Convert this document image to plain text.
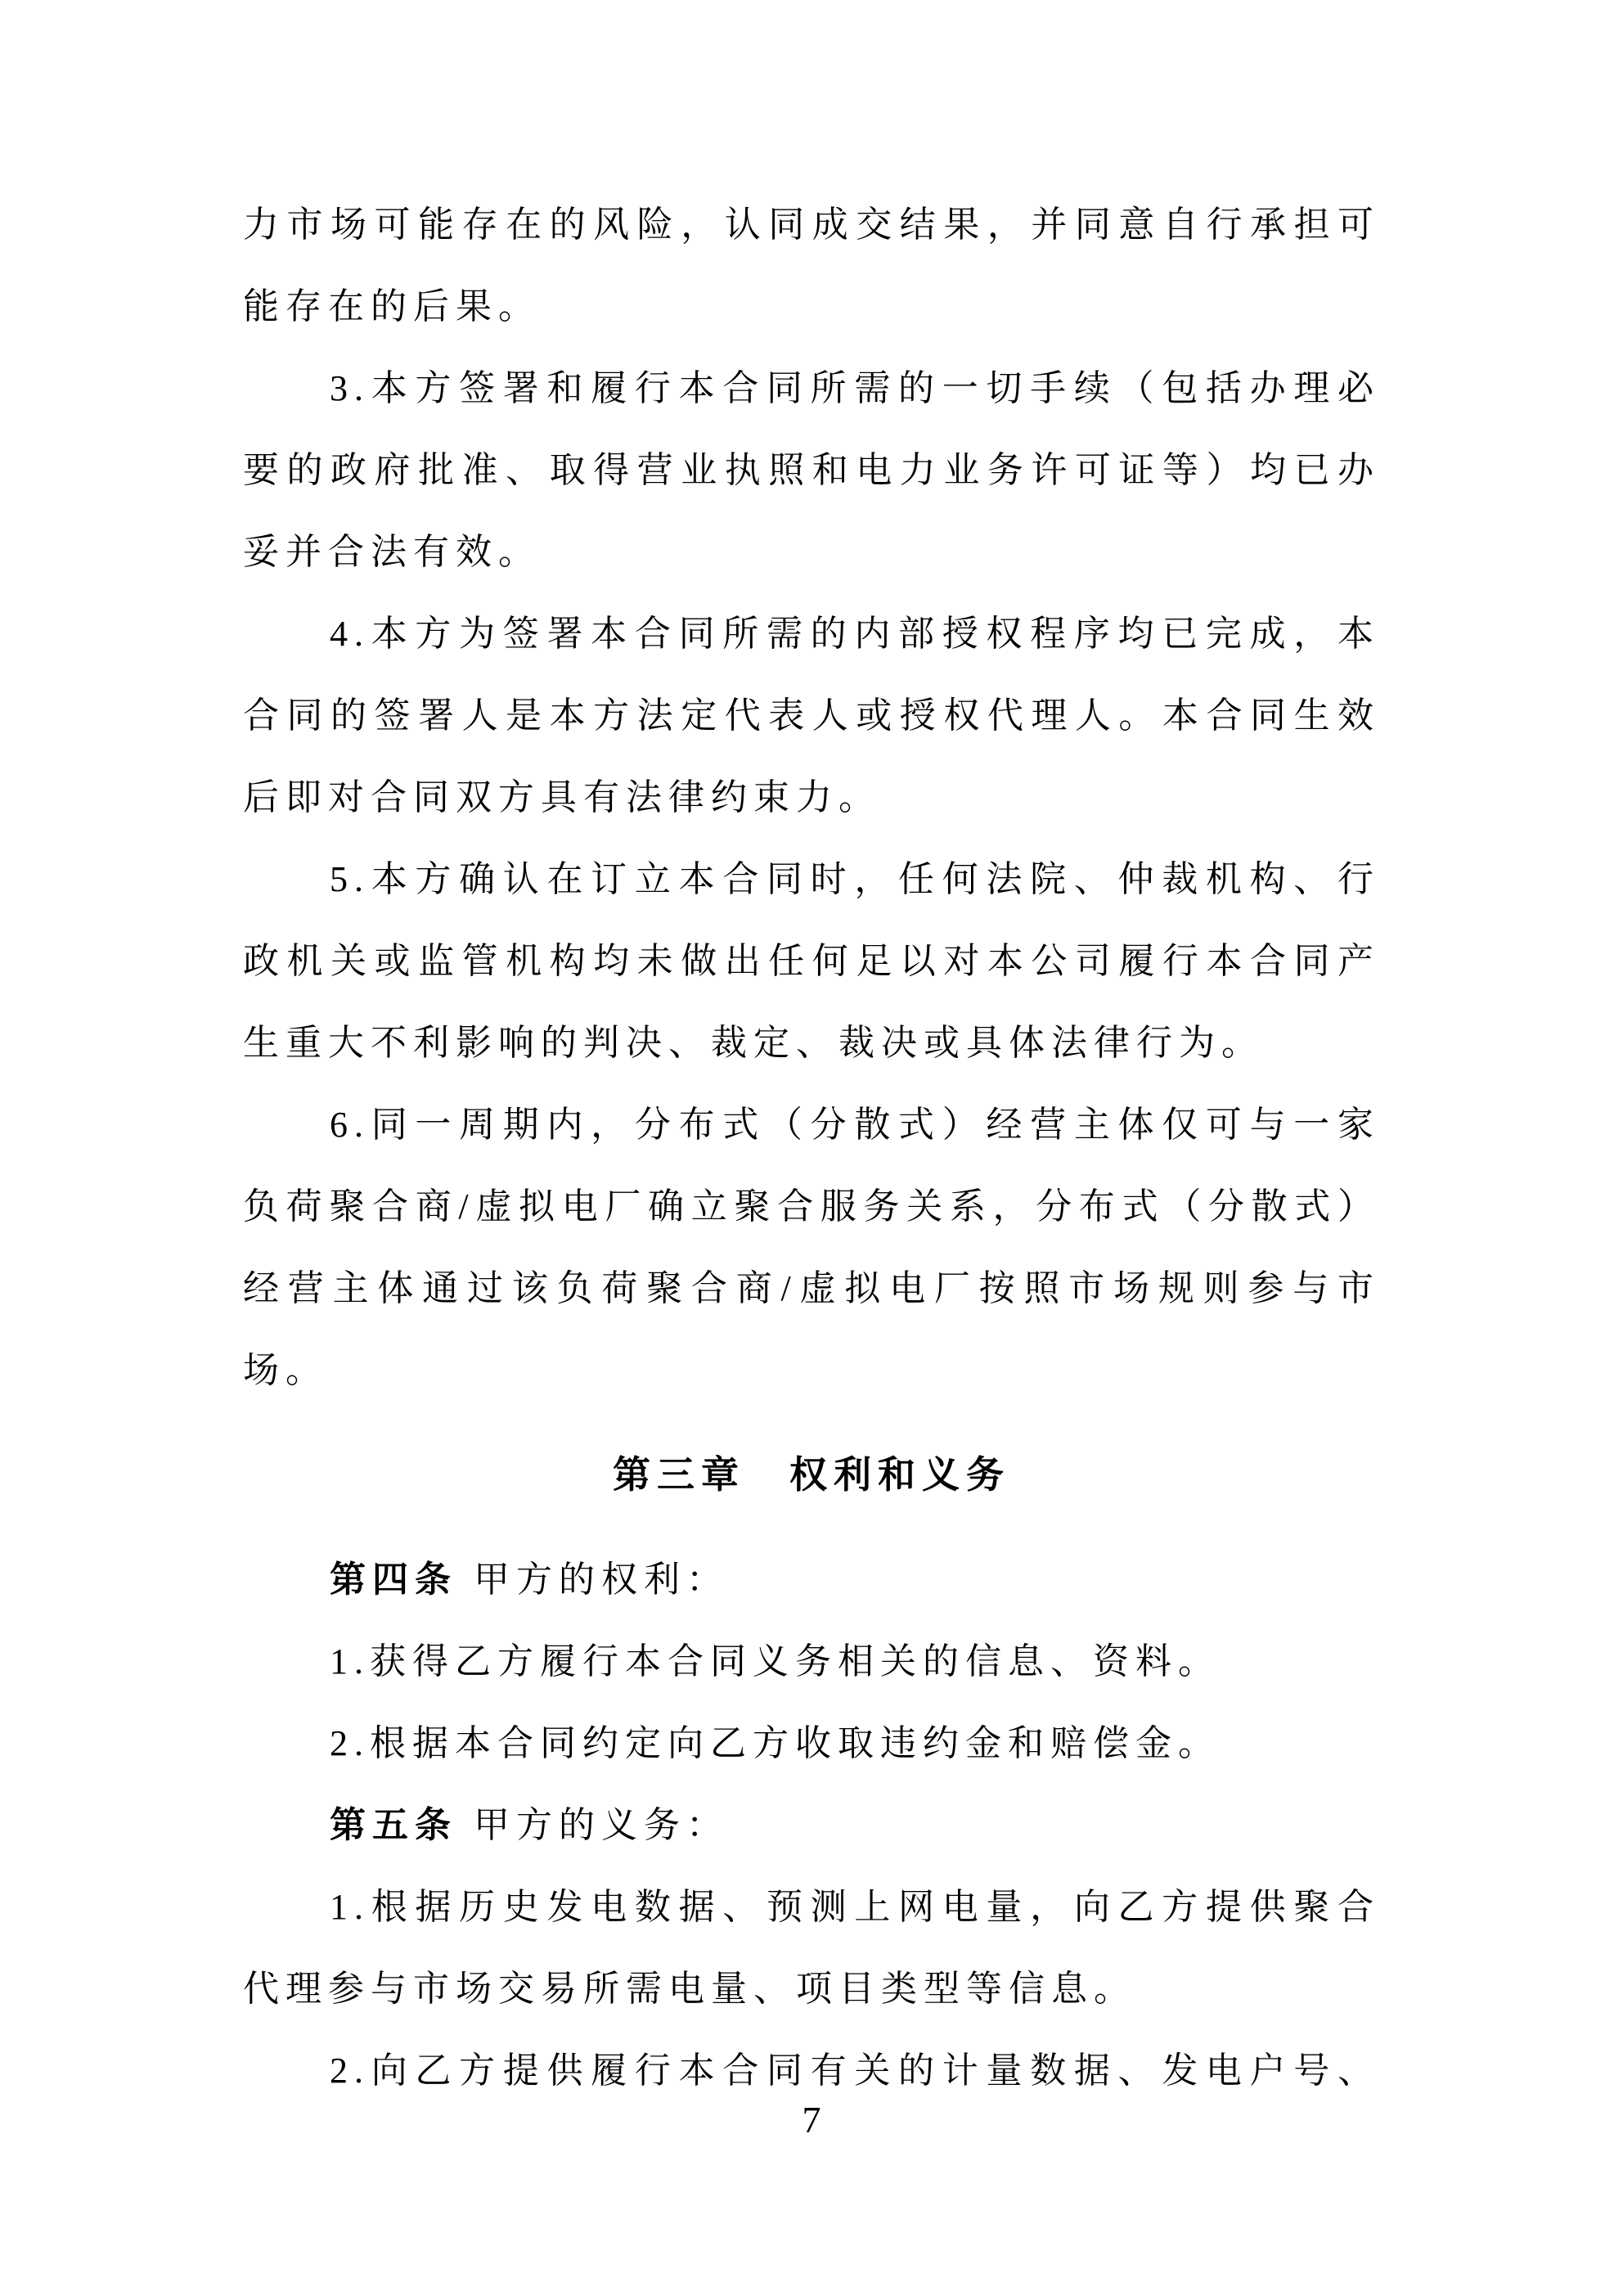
力市场可能存在的风险，认同成交结果，并同意自行承担可
能存在的后果。
3.本方签署和履行本合同所需的一切手续（包括办理必
要的政府批准、取得营业执照和电力业务许可证等）均已办
妥并合法有效。
4.本方为签署本合同所需的内部授权程序均已完成，本
合同的签署人是本方法定代表人或授权代理人。本合同生效
后即对合同双方具有法律约束力。
5.本方确认在订立本合同时，任何法院、仲裁机构、行
政机关或监管机构均未做出任何足以对本公司履行本合同产
生重大不利影响的判决、裁定、裁决或具体法律行为。
6.同一周期内，分布式（分散式）经营主体仅可与一家
负荷聚合商/虚拟电厂确立聚合服务关系，分布式（分散式）
经营主体通过该负荷聚合商/虚拟电厂按照市场规则参与市
场。
第三章　权利和义务
第四条 甲方的权利：
1.获得乙方履行本合同义务相关的信息、资料。
2.根据本合同约定向乙方收取违约金和赔偿金。
第五条 甲方的义务：
1.根据历史发电数据、预测上网电量，向乙方提供聚合
代理参与市场交易所需电量、项目类型等信息。
2.向乙方提供履行本合同有关的计量数据、发电户号、
7
